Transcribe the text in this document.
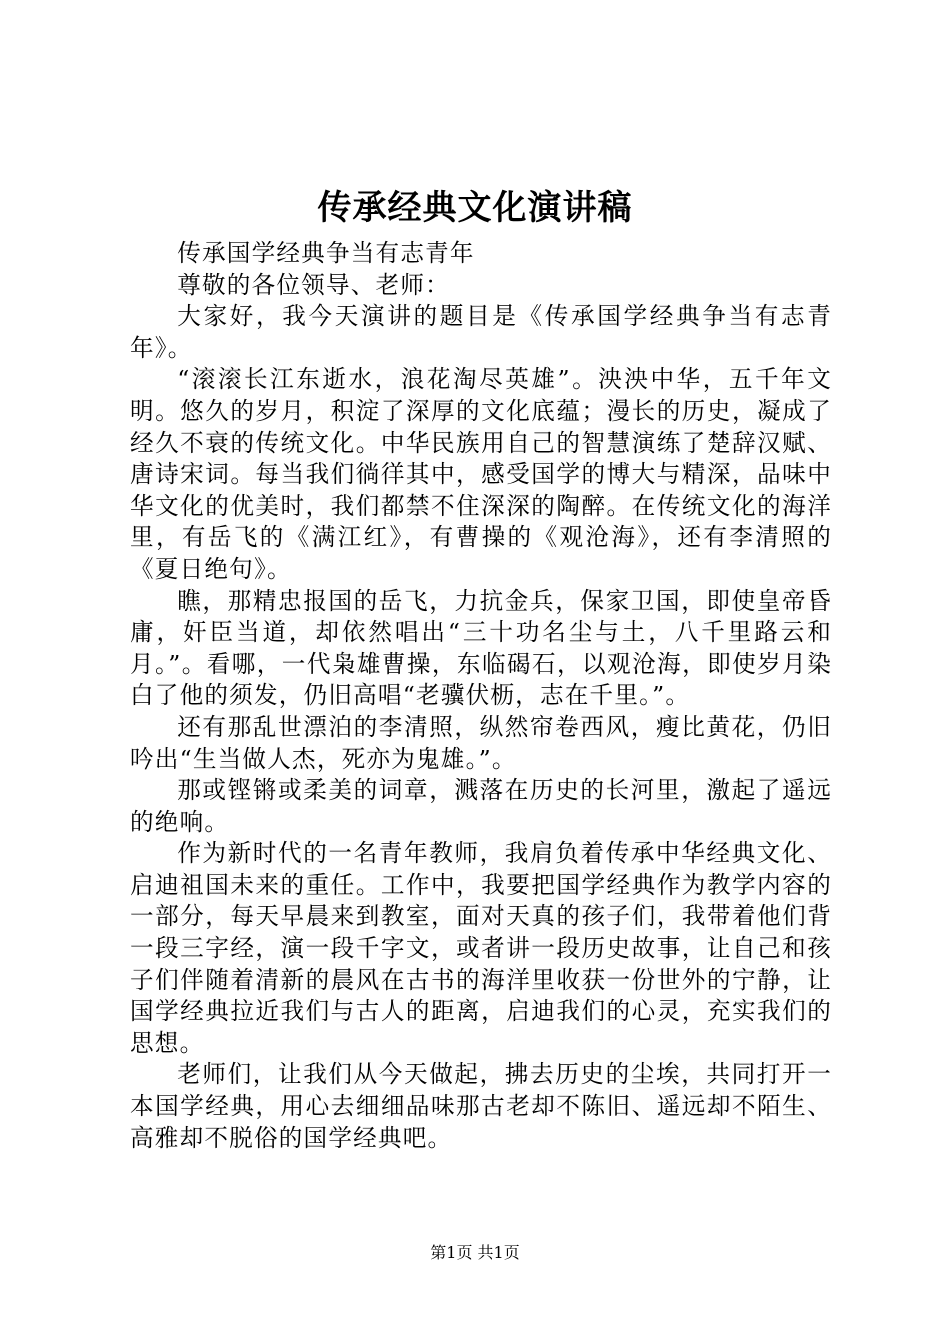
传承经典文化演讲稿

传承国学经典争当有志青年

尊敬的各位领导、老师：

大家好，我今天演讲的题目是《传承国学经典争当有志青年》。

“滚滚长江东逝水，浪花淘尽英雄”。泱泱中华，五千年文明。悠久的岁月，积淀了深厚的文化底蕴；漫长的历史，凝成了经久不衰的传统文化。中华民族用自己的智慧演练了楚辞汉赋、唐诗宋词。每当我们徜徉其中，感受国学的博大与精深，品味中华文化的优美时，我们都禁不住深深的陶醉。在传统文化的海洋里，有岳飞的《满江红》，有曹操的《观沧海》，还有李清照的《夏日绝句》。

瞧，那精忠报国的岳飞，力抗金兵，保家卫国，即使皇帝昏庸，奸臣当道，却依然唱出“三十功名尘与土，八千里路云和月。”。看哪，一代枭雄曹操，东临碣石，以观沧海，即使岁月染白了他的须发，仍旧高唱“老骥伏枥，志在千里。”。

还有那乱世漂泊的李清照，纵然帘卷西风，瘦比黄花，仍旧吟出“生当做人杰，死亦为鬼雄。”。

那或铿锵或柔美的词章，溅落在历史的长河里，激起了遥远的绝响。

作为新时代的一名青年教师，我肩负着传承中华经典文化、启迪祖国未来的重任。工作中，我要把国学经典作为教学内容的一部分，每天早晨来到教室，面对天真的孩子们，我带着他们背一段三字经，演一段千字文，或者讲一段历史故事，让自己和孩子们伴随着清新的晨风在古书的海洋里收获一份世外的宁静，让国学经典拉近我们与古人的距离，启迪我们的心灵，充实我们的思想。

老师们，让我们从今天做起，拂去历史的尘埃，共同打开一本国学经典，用心去细细品味那古老却不陈旧、遥远却不陌生、高雅却不脱俗的国学经典吧。

第1页 共1页
